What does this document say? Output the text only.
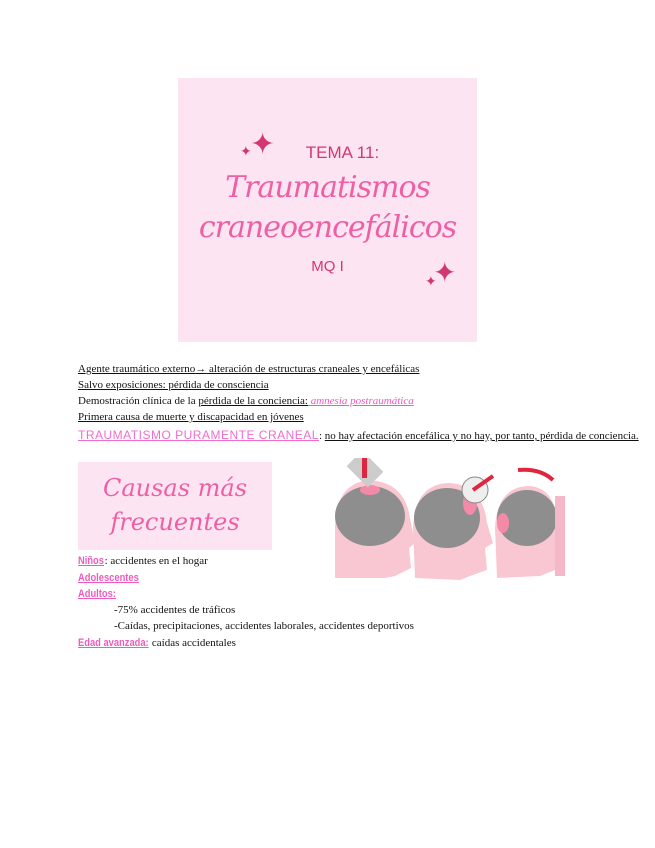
✦
✦	TEMA 11:
Traumatismos
craneoencefálicos
MQ I
✦
✦
Agente traumático externo→ alteración de estructuras craneales y encefálicas
Salvo exposiciones: pérdida de consciencia
Demostración clínica de la pérdida de la conciencia: amnesia postraumática
Primera causa de muerte y discapacidad en jóvenes
TRAUMATISMO PURAMENTE CRANEAL: no hay afectación encefálica y no hay, por tanto, pérdida de conciencia.
Causas más
frecuentes
Niños: accidentes en el hogar
Adolescentes
Adultos:
-75% accidentes de tráficos
-Caídas, precipitaciones, accidentes laborales, accidentes deportivos
Edad avanzada: caídas accidentales
